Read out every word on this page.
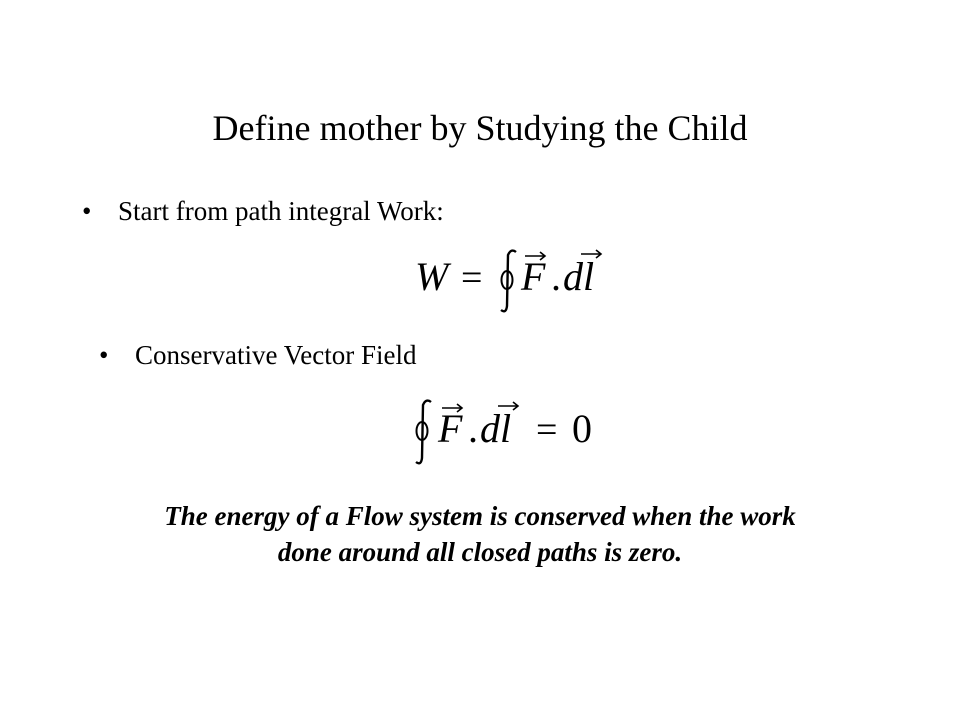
Define mother by Studying the Child
• Start from path integral Work:
W = F . dl
• Conservative Vector Field
F . dl = 0
The energy of a Flow system is conserved when the work
done around all closed paths is zero.
